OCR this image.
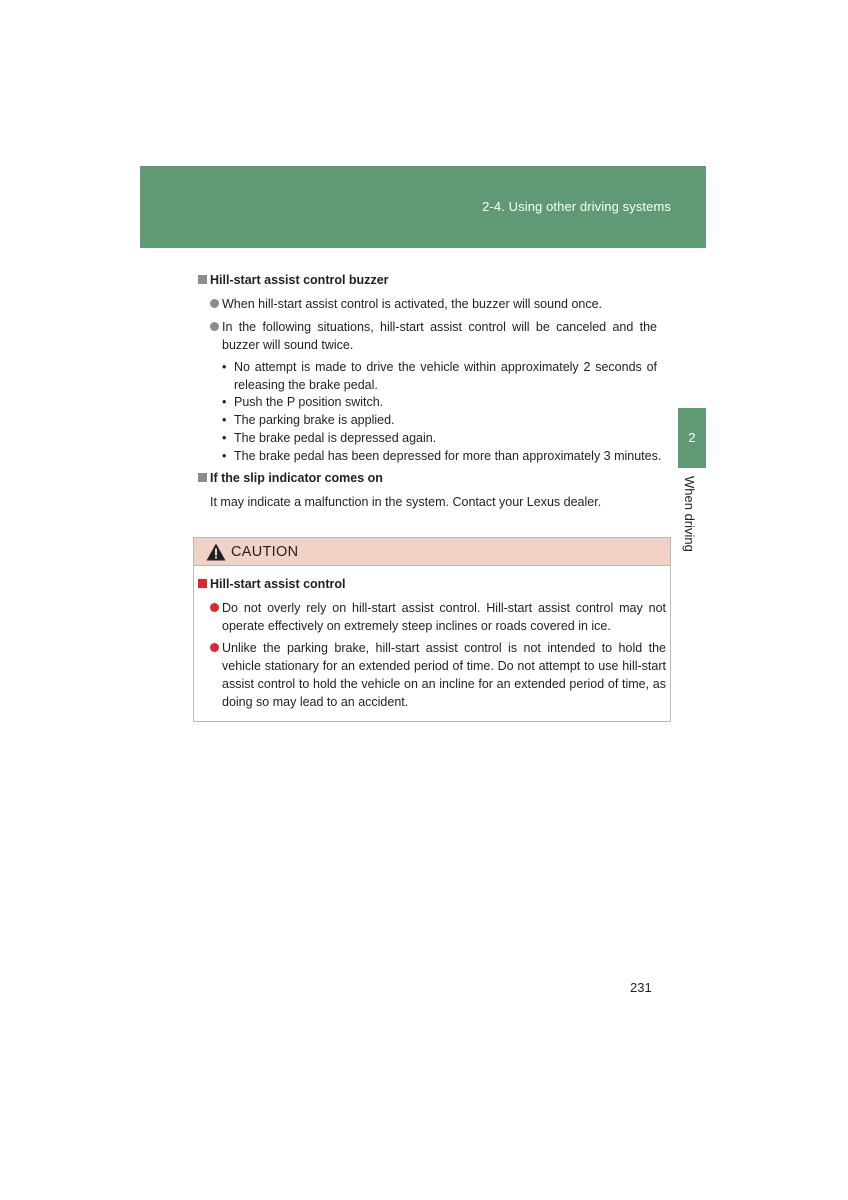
2-4. Using other driving systems
2
When driving
Hill-start assist control buzzer
When hill-start assist control is activated, the buzzer will sound once.
In the following situations, hill-start assist control will be canceled and the buzzer will sound twice.
• No attempt is made to drive the vehicle within approximately 2 seconds of releasing the brake pedal.
• Push the P position switch.
• The parking brake is applied.
• The brake pedal is depressed again.
• The brake pedal has been depressed for more than approximately 3 minutes.
If the slip indicator comes on
It may indicate a malfunction in the system. Contact your Lexus dealer.
CAUTION
Hill-start assist control
Do not overly rely on hill-start assist control. Hill-start assist control may not operate effectively on extremely steep inclines or roads covered in ice.
Unlike the parking brake, hill-start assist control is not intended to hold the vehicle stationary for an extended period of time. Do not attempt to use hill-start assist control to hold the vehicle on an incline for an extended period of time, as doing so may lead to an accident.
231
